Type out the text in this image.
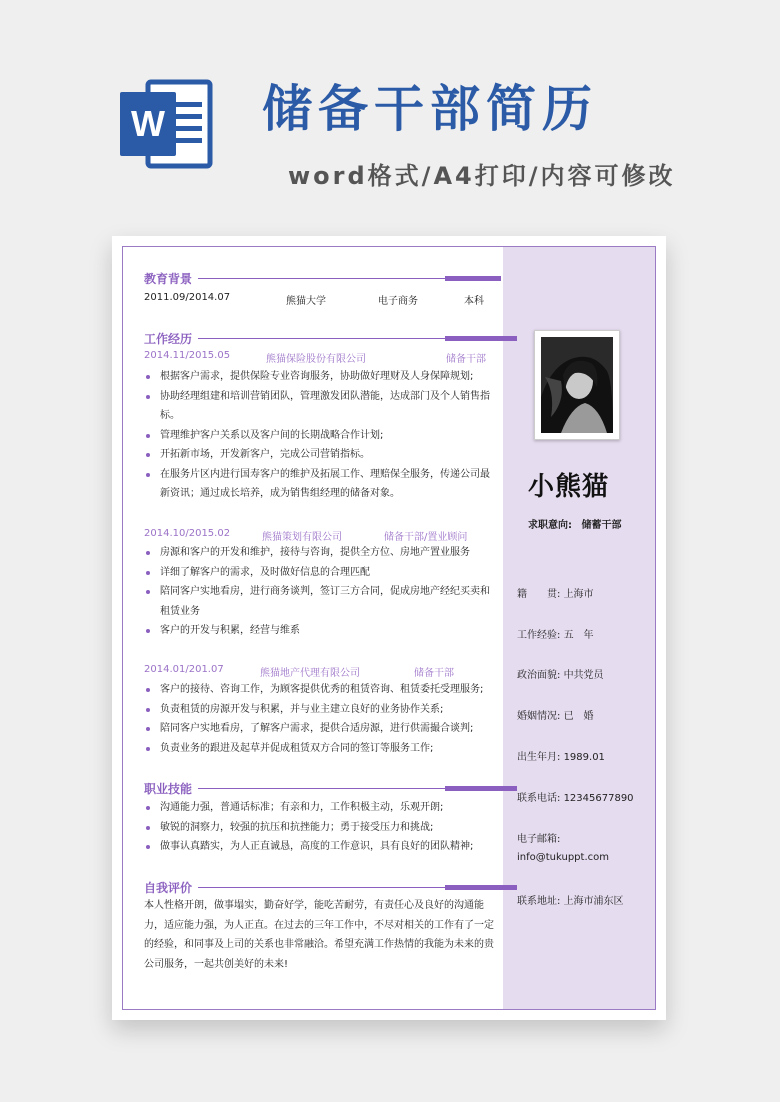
W 储备干部简历
word格式/A4打印/内容可修改
教育背景
2011.09/2014.07	熊猫大学	电子商务	本科
工作经历
2014.11/2015.05	熊猫保险股份有限公司	储备干部
根据客户需求，提供保险专业咨询服务，协助做好理财及人身保障规划;
协助经理组建和培训营销团队，管理激发团队潜能，达成部门及个人销售指标。
管理维护客户关系以及客户间的长期战略合作计划;
开拓新市场，开发新客户，完成公司营销指标。
在服务片区内进行国寿客户的维护及拓展工作、理赔保全服务，传递公司最新资讯；通过成长培养，成为销售组经理的储备对象。
2014.10/2015.02	熊猫策划有限公司	储备干部/置业顾问
房源和客户的开发和维护，接待与咨询，提供全方位、房地产置业服务
详细了解客户的需求，及时做好信息的合理匹配
陪同客户实地看房，进行商务谈判，签订三方合同，促成房地产经纪买卖和租赁业务
客户的开发与积累，经营与维系
2014.01/201.07	熊猫地产代理有限公司	储备干部
客户的接待、咨询工作，为顾客提供优秀的租赁咨询、租赁委托受理服务;
负责租赁的房源开发与积累，并与业主建立良好的业务协作关系;
陪同客户实地看房，了解客户需求，提供合适房源，进行供需撮合谈判;
负责业务的跟进及起草并促成租赁双方合同的签订等服务工作;
职业技能
沟通能力强，普通话标准；有亲和力，工作积极主动，乐观开朗;
敏锐的洞察力，较强的抗压和抗挫能力；勇于接受压力和挑战;
做事认真踏实，为人正直诚恳，高度的工作意识，具有良好的团队精神;
自我评价

本人性格开朗，做事塌实，勤奋好学，能吃苦耐劳，有责任心及良好的沟通能力，适应能力强，为人正直。在过去的三年工作中，不尽对相关的工作有了一定的经验，和同事及上司的关系也非常融洽。希望充满工作热情的我能为未来的贵公司服务，一起共创美好的未来!

小熊猫
求职意向: 储蓄干部
籍　　贯: 上海市
工作经验: 五　年
政治面貌: 中共党员
婚姻情况: 已　婚
出生年月: 1989.01
联系电话: 12345677890
电子邮箱:
info@tukuppt.com
联系地址: 上海市浦东区
